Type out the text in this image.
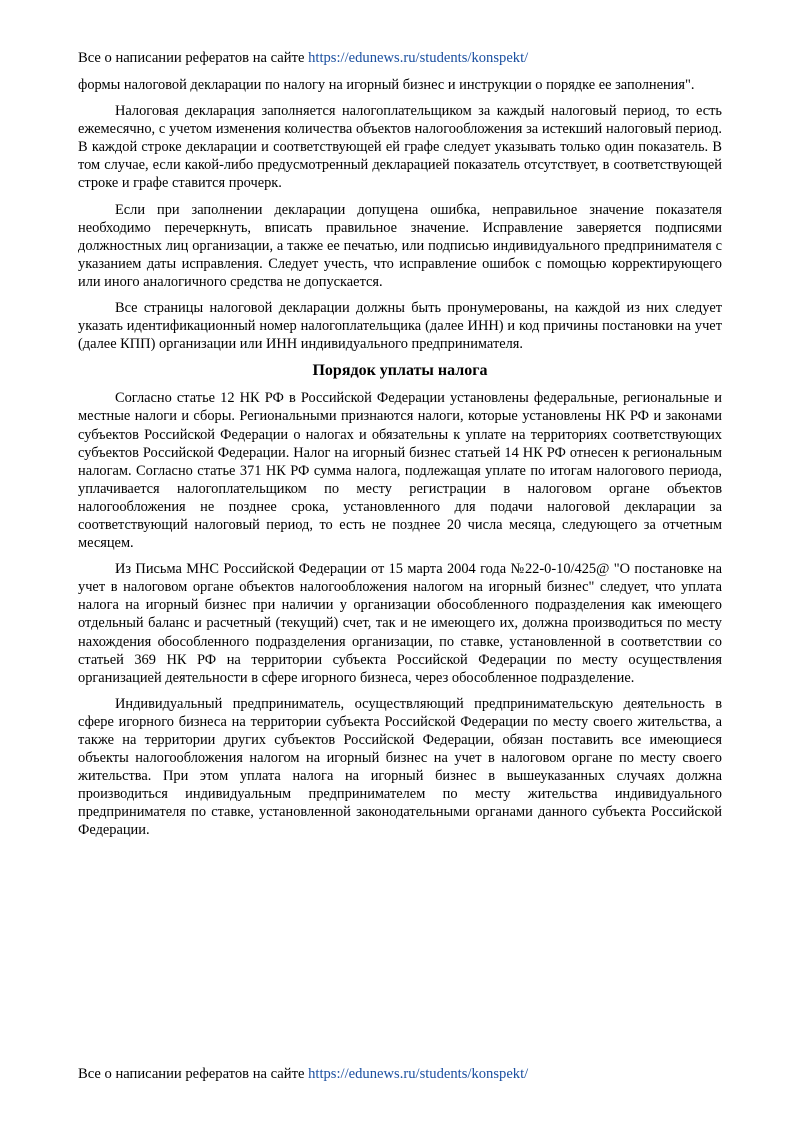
Все о написании рефератов на сайте https://edunews.ru/students/konspekt/

формы налоговой декларации по налогу на игорный бизнес и инструкции о порядке ее заполнения".

Налоговая декларация заполняется налогоплательщиком за каждый налоговый период, то есть ежемесячно, с учетом изменения количества объектов налогообложения за истекший налоговый период. В каждой строке декларации и соответствующей ей графе следует указывать только один показатель. В том случае, если какой-либо предусмотренный декларацией показатель отсутствует, в соответствующей строке и графе ставится прочерк.

Если при заполнении декларации допущена ошибка, неправильное значение показателя необходимо перечеркнуть, вписать правильное значение. Исправление заверяется подписями должностных лиц организации, а также ее печатью, или подписью индивидуального предпринимателя с указанием даты исправления. Следует учесть, что исправление ошибок с помощью корректирующего или иного аналогичного средства не допускается.

Все страницы налоговой декларации должны быть пронумерованы, на каждой из них следует указать идентификационный номер налогоплательщика (далее ИНН) и код причины постановки на учет (далее КПП) организации или ИНН индивидуального предпринимателя.

Порядок уплаты налога

Согласно статье 12 НК РФ в Российской Федерации установлены федеральные, региональные и местные налоги и сборы. Региональными признаются налоги, которые установлены НК РФ и законами субъектов Российской Федерации о налогах и обязательны к уплате на территориях соответствующих субъектов Российской Федерации. Налог на игорный бизнес статьей 14 НК РФ отнесен к региональным налогам. Согласно статье 371 НК РФ сумма налога, подлежащая уплате по итогам налогового периода, уплачивается налогоплательщиком по месту регистрации в налоговом органе объектов налогообложения не позднее срока, установленного для подачи налоговой декларации за соответствующий налоговый период, то есть не позднее 20 числа месяца, следующего за отчетным месяцем.

Из Письма МНС Российской Федерации от 15 марта 2004 года №22-0-10/425@ "О постановке на учет в налоговом органе объектов налогообложения налогом на игорный бизнес" следует, что уплата налога на игорный бизнес при наличии у организации обособленного подразделения как имеющего отдельный баланс и расчетный (текущий) счет, так и не имеющего их, должна производиться по месту нахождения обособленного подразделения организации, по ставке, установленной в соответствии со статьей 369 НК РФ на территории субъекта Российской Федерации по месту осуществления организацией деятельности в сфере игорного бизнеса, через обособленное подразделение.

Индивидуальный предприниматель, осуществляющий предпринимательскую деятельность в сфере игорного бизнеса на территории субъекта Российской Федерации по месту своего жительства, а также на территории других субъектов Российской Федерации, обязан поставить все имеющиеся объекты налогообложения налогом на игорный бизнес на учет в налоговом органе по месту своего жительства. При этом уплата налога на игорный бизнес в вышеуказанных случаях должна производиться индивидуальным предпринимателем по месту жительства индивидуального предпринимателя по ставке, установленной законодательными органами данного субъекта Российской Федерации.

Все о написании рефератов на сайте https://edunews.ru/students/konspekt/
